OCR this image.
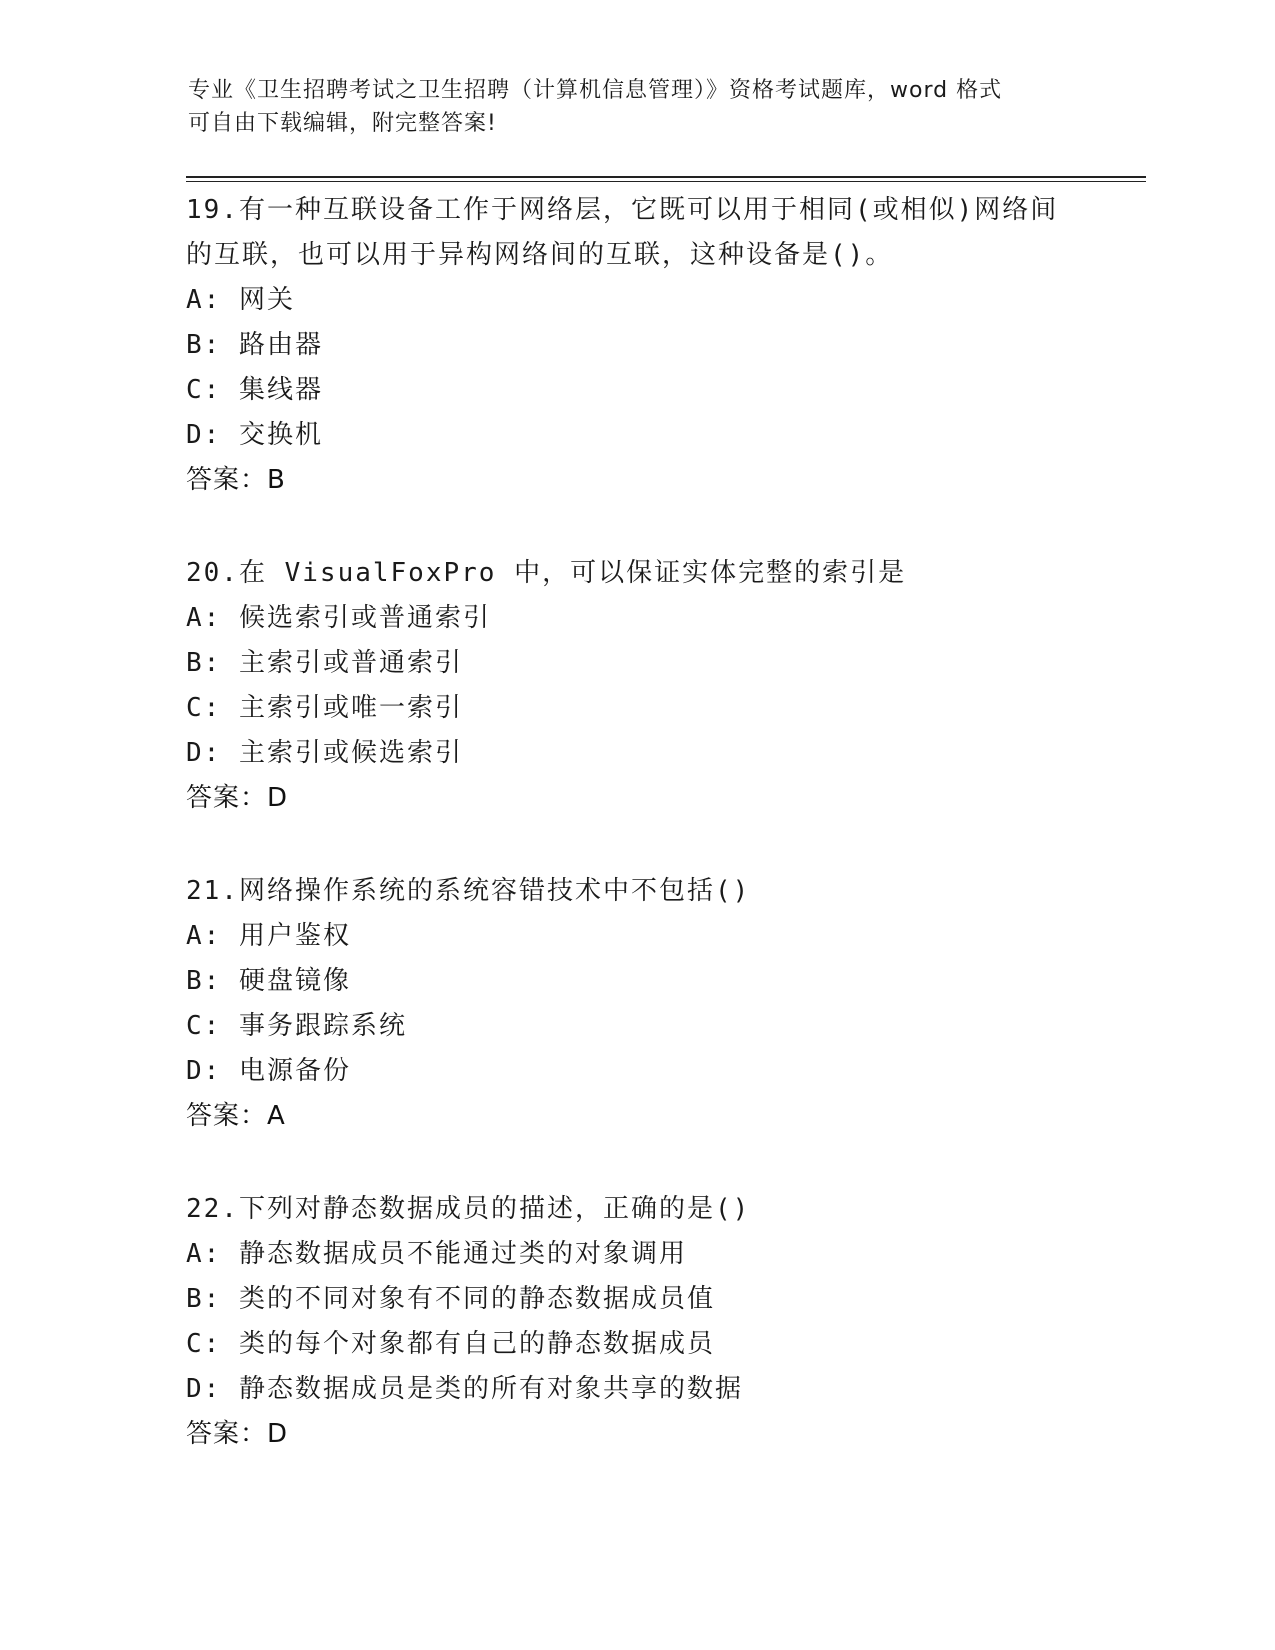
专业《卫生招聘考试之卫生招聘（计算机信息管理）》资格考试题库，word 格式
可自由下载编辑，附完整答案!

19.有一种互联设备工作于网络层，它既可以用于相同(或相似)网络间

的互联，也可以用于异构网络间的互联，这种设备是()。

A: 网关

B: 路由器

C: 集线器

D: 交换机

答案：B

20.在 VisualFoxPro 中，可以保证实体完整的索引是

A: 候选索引或普通索引

B: 主索引或普通索引

C: 主索引或唯一索引

D: 主索引或候选索引

答案：D

21.网络操作系统的系统容错技术中不包括()

A: 用户鉴权

B: 硬盘镜像

C: 事务跟踪系统

D: 电源备份

答案：A

22.下列对静态数据成员的描述，正确的是()

A: 静态数据成员不能通过类的对象调用

B: 类的不同对象有不同的静态数据成员值

C: 类的每个对象都有自己的静态数据成员

D: 静态数据成员是类的所有对象共享的数据

答案：D
